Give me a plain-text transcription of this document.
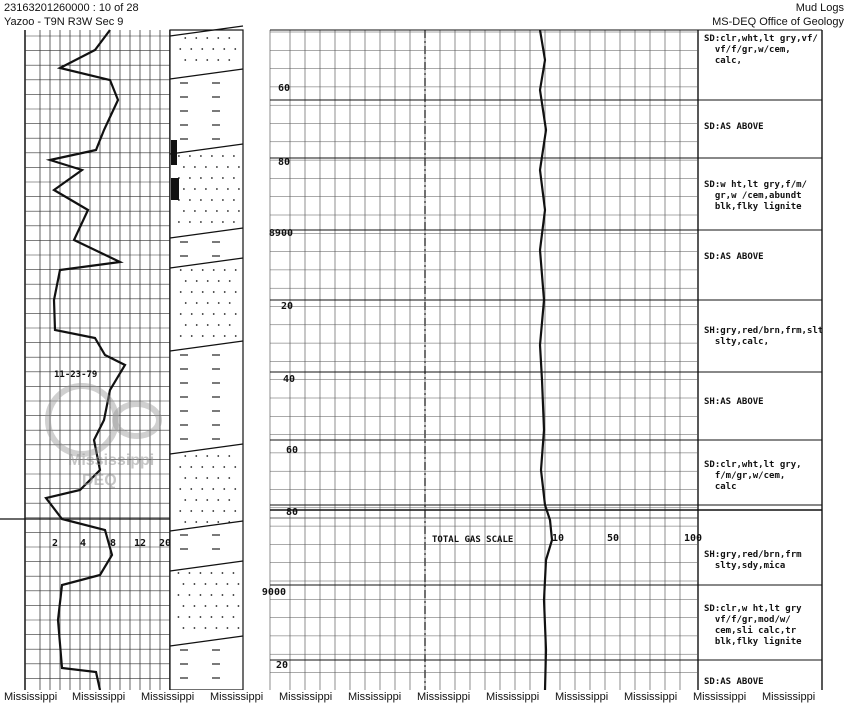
23163201260000 : 10 of 28
Yazoo - T9N R3W Sec 9
Mud Logs
MS-DEQ Office of Geology
Mississippi
DEQ
11-23-79
2 4 8 12 20
60
80
8900
20
40
60
80
9000
20
TOTAL GAS SCALE	10	50	100
SD:clr,wht,lt gry,vf/
vf/f/gr,w/cem,
calc,
SD:AS ABOVE
SD:w ht,lt gry,f/m/
gr,w /cem,abundt
blk,flky lignite
SD:AS ABOVE
SH:gry,red/brn,frm,slt
slty,calc,
SH:AS ABOVE
SD:clr,wht,lt gry,
f/m/gr,w/cem,
calc
SH:gry,red/brn,frm
slty,sdy,mica
SD:clr,w ht,lt gry
vf/f/gr,mod/w/
cem,sli calc,tr
blk,flky lignite
SD:AS ABOVE
Mississippi Mississippi Mississippi Mississippi Mississippi Mississippi Mississippi Mississippi Mississippi Mississippi Mississippi Mississippi
